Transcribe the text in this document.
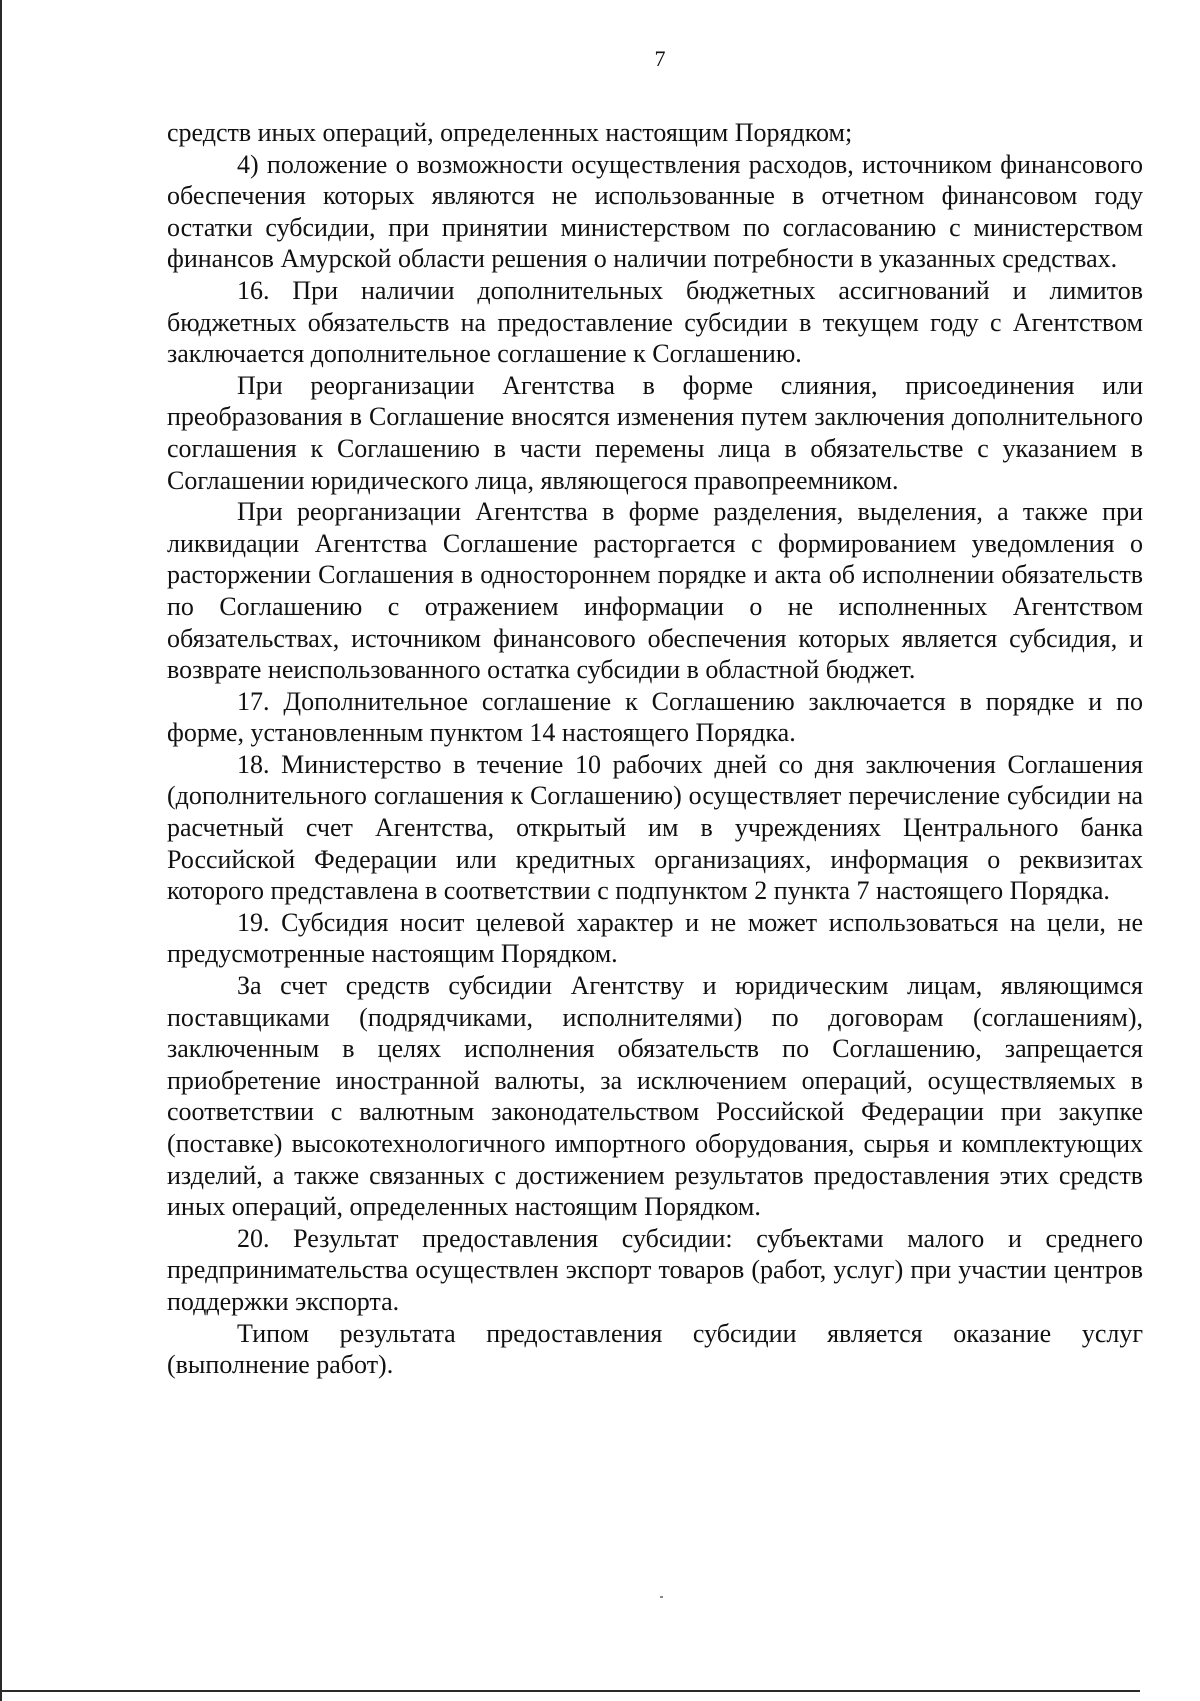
7

средств иных операций, определенных настоящим Порядком;

4) положение о возможности осуществления расходов, источником финансового обеспечения которых являются не использованные в отчетном финансовом году остатки субсидии, при принятии министерством по согласованию с министерством финансов Амурской области решения о наличии потребности в указанных средствах.

16. При наличии дополнительных бюджетных ассигнований и лимитов бюджетных обязательств на предоставление субсидии в текущем году с Агентством заключается дополнительное соглашение к Соглашению.

При реорганизации Агентства в форме слияния, присоединения или преобразования в Соглашение вносятся изменения путем заключения дополнительного соглашения к Соглашению в части перемены лица в обязательстве с указанием в Соглашении юридического лица, являющегося правопреемником.

При реорганизации Агентства в форме разделения, выделения, а также при ликвидации Агентства Соглашение расторгается с формированием уведомления о расторжении Соглашения в одностороннем порядке и акта об исполнении обязательств по Соглашению с отражением информации о не исполненных Агентством обязательствах, источником финансового обеспечения которых является субсидия, и возврате неиспользованного остатка субсидии в областной бюджет.

17. Дополнительное соглашение к Соглашению заключается в порядке и по форме, установленным пунктом 14 настоящего Порядка.

18. Министерство в течение 10 рабочих дней со дня заключения Соглашения (дополнительного соглашения к Соглашению) осуществляет перечисление субсидии на расчетный счет Агентства, открытый им в учреждениях Центрального банка Российской Федерации или кредитных организациях, информация о реквизитах которого представлена в соответствии с подпунктом 2 пункта 7 настоящего Порядка.

19. Субсидия носит целевой характер и не может использоваться на цели, не предусмотренные настоящим Порядком.

За счет средств субсидии Агентству и юридическим лицам, являющимся поставщиками (подрядчиками, исполнителями) по договорам (соглашениям), заключенным в целях исполнения обязательств по Соглашению, запрещается приобретение иностранной валюты, за исключением операций, осуществляемых в соответствии с валютным законодательством Российской Федерации при закупке (поставке) высокотехнологичного импортного оборудования, сырья и комплектующих изделий, а также связанных с достижением результатов предоставления этих средств иных операций, определенных настоящим Порядком.

20. Результат предоставления субсидии: субъектами малого и среднего предпринимательства осуществлен экспорт товаров (работ, услуг) при участии центров поддержки экспорта.

Типом результата предоставления субсидии является оказание услуг (выполнение работ).
